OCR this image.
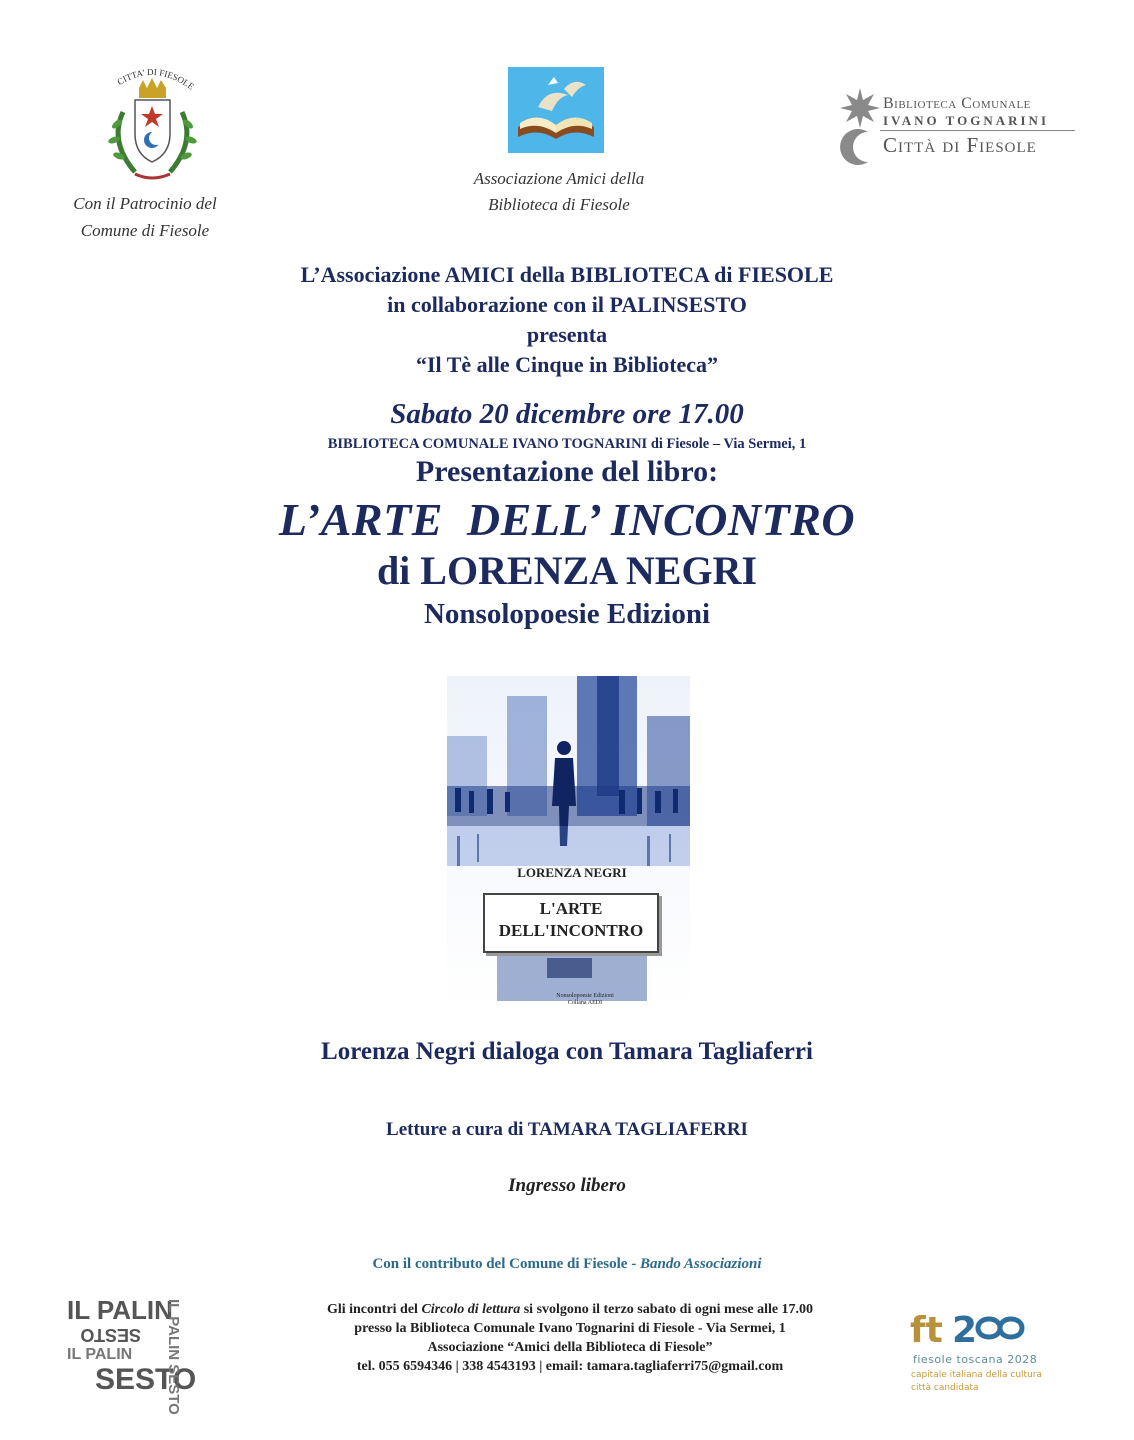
CITTA' DI FIESOLE
Con il Patrocinio del
Comune di Fiesole
Associazione Amici della
Biblioteca di Fiesole
Biblioteca Comunale
IVANO TOGNARINI
Città di Fiesole
L’Associazione AMICI della BIBLIOTECA di FIESOLE
in collaborazione con il PALINSESTO
presenta
“Il Tè alle Cinque in Biblioteca”
Sabato 20 dicembre ore 17.00
BIBLIOTECA COMUNALE IVANO TOGNARINI di Fiesole – Via Sermei, 1
Presentazione del libro:
L’ARTE  DELL’ INCONTRO
di LORENZA NEGRI
Nonsolopoesie Edizioni
LORENZA NEGRI
L'ARTE
DELL'INCONTRO
Nonsolopoesie Edizioni Collana AEDI
Lorenza Negri dialoga con Tamara Tagliaferri
Letture a cura di TAMARA TAGLIAFERRI
Ingresso libero
Con il contributo del Comune di Fiesole - Bando Associazioni
Gli incontri del Circolo di lettura si svolgono il terzo sabato di ogni mese alle 17.00
presso la Biblioteca Comunale Ivano Tognarini di Fiesole - Via Sermei, 1
Associazione “Amici della Biblioteca di Fiesole”
tel. 055 6594346 | 338 4543193 | email: tamara.tagliaferri75@gmail.com
IL PALIN
SESTO
IL PALIN
SESTO
IL PALIN SESTO	ft 2
fiesole toscana 2028
capitale italiana della cultura
città candidata
